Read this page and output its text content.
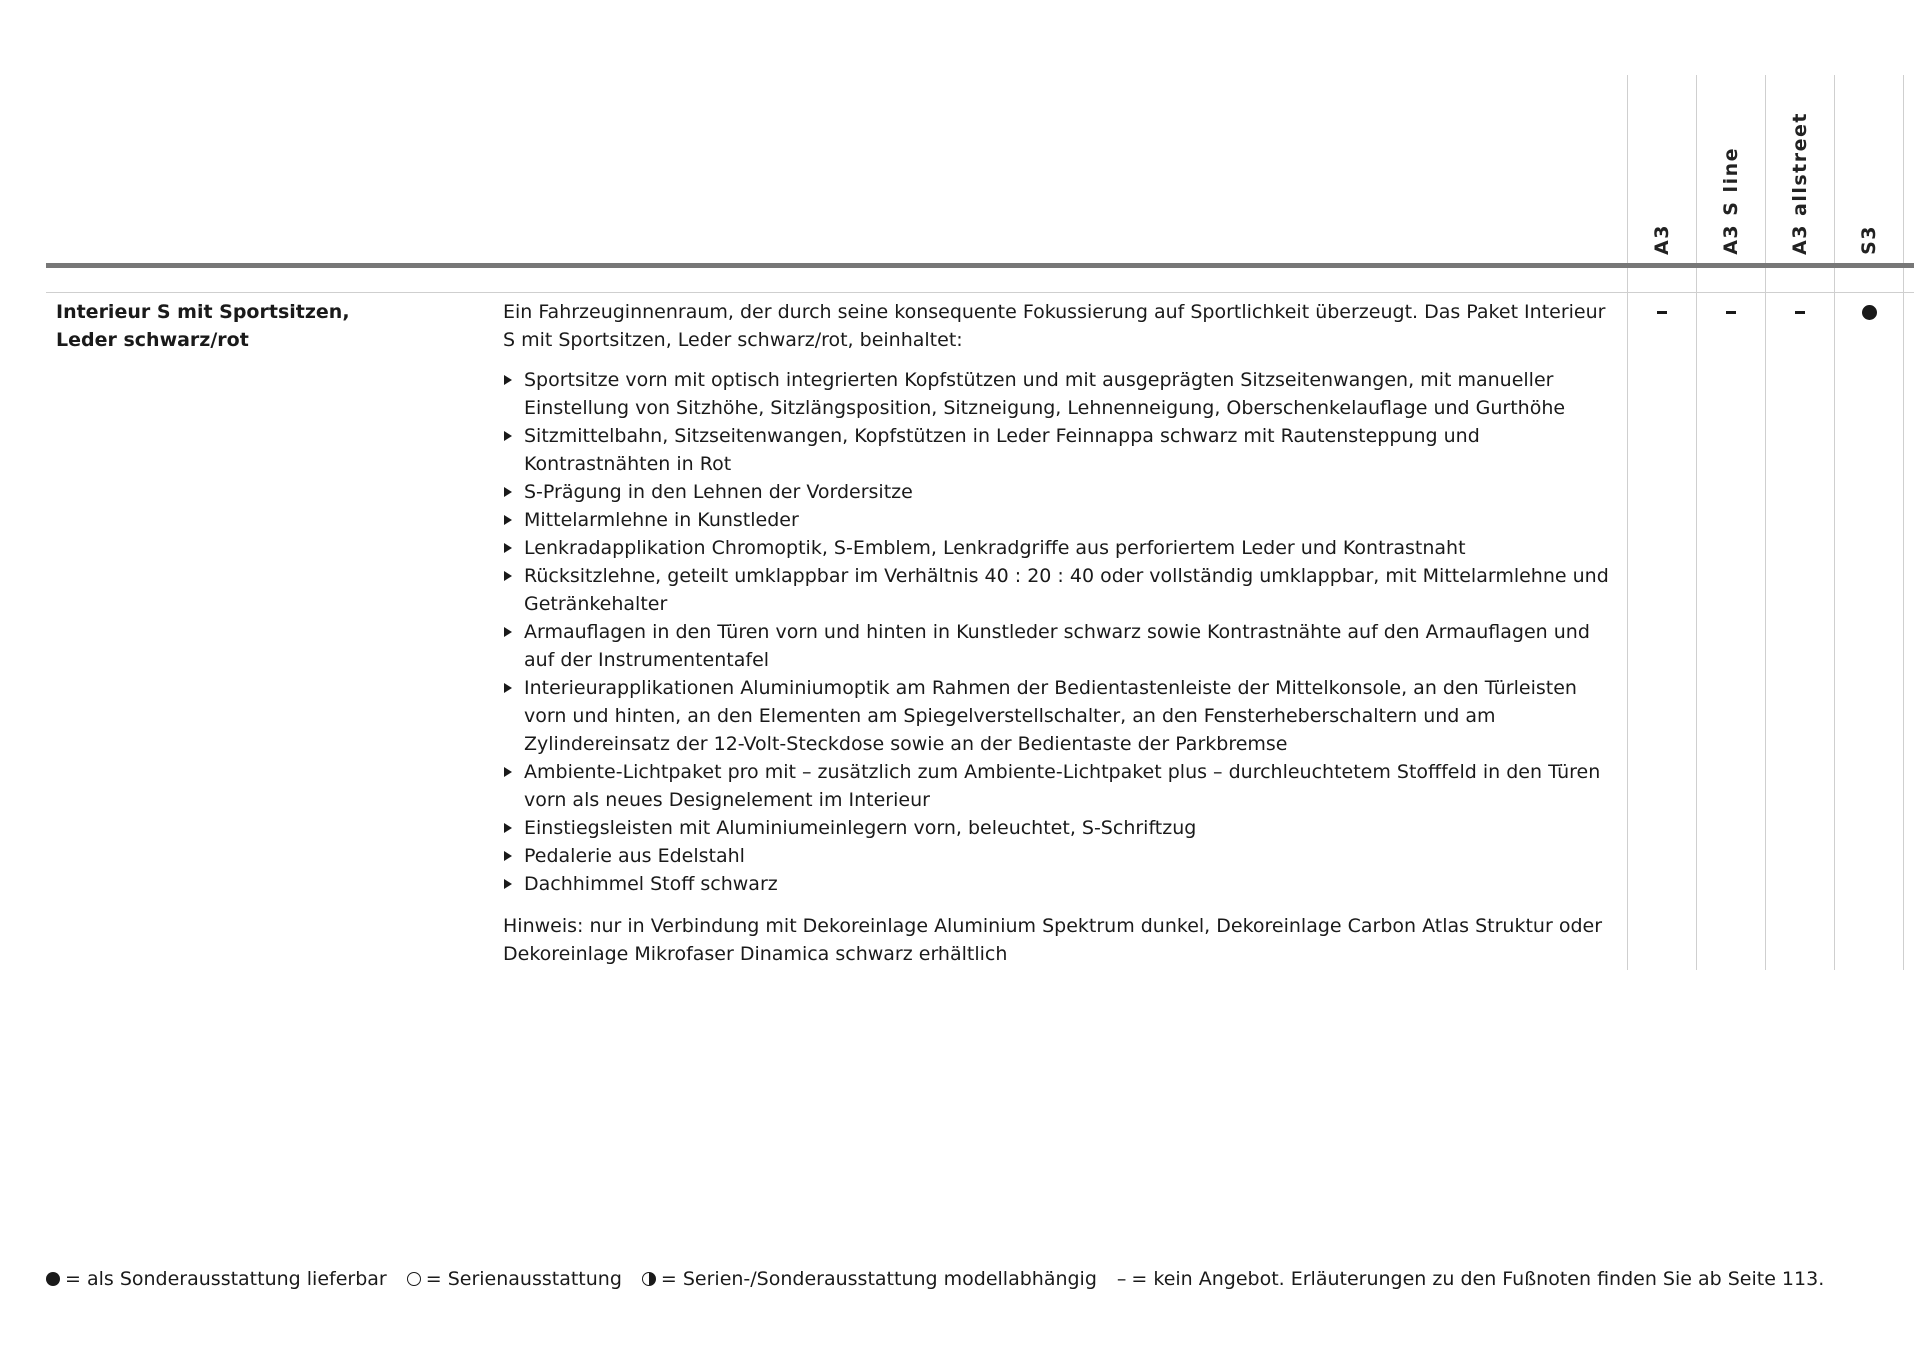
A3 A3 S line A3 allstreet S3
Interieur S mit Sportsitzen,
Leder schwarz/rot

Ein Fahrzeuginnenraum, der durch seine konsequente Fokussierung auf Sportlichkeit überzeugt. Das Paket Interieur S mit Sportsitzen, Leder schwarz/rot, beinhaltet:

Sportsitze vorn mit optisch integrierten Kopfstützen und mit ausgeprägten Sitzseitenwangen, mit manueller Einstellung von Sitzhöhe, Sitzlängsposition, Sitzneigung, Lehnenneigung, Oberschenkelauflage und Gurthöhe
Sitzmittelbahn, Sitzseitenwangen, Kopfstützen in Leder Feinnappa schwarz mit Rautensteppung und Kontrastnähten in Rot
S-Prägung in den Lehnen der Vordersitze
Mittelarmlehne in Kunstleder
Lenkradapplikation Chromoptik, S-Emblem, Lenkradgriffe aus perforiertem Leder und Kontrastnaht
Rücksitzlehne, geteilt umklappbar im Verhältnis 40 : 20 : 40 oder vollständig umklappbar, mit Mittelarmlehne und Getränkehalter
Armauflagen in den Türen vorn und hinten in Kunstleder schwarz sowie Kontrastnähte auf den Armauflagen und auf der Instrumententafel
Interieurapplikationen Aluminiumoptik am Rahmen der Bedientastenleiste der Mittelkonsole, an den Türleisten vorn und hinten, an den Elementen am Spiegelverstellschalter, an den Fensterheberschaltern und am Zylindereinsatz der 12-Volt-Steckdose sowie an der Bedientaste der Parkbremse
Ambiente-Lichtpaket pro mit – zusätzlich zum Ambiente-Lichtpaket plus – durchleuchtetem Stofffeld in den Türen vorn als neues Designelement im Interieur
Einstiegsleisten mit Aluminiumeinlegern vorn, beleuchtet, S-Schriftzug
Pedalerie aus Edelstahl
Dachhimmel Stoff schwarz

Hinweis: nur in Verbindung mit Dekoreinlage Aluminium Spektrum dunkel, Dekoreinlage Carbon Atlas Struktur oder Dekoreinlage Mikrofaser Dinamica schwarz erhältlich

= als Sonderausstattung lieferbar = Serienausstattung = Serien-/Sonderausstattung modellabhängig – = kein Angebot. Erläuterungen zu den Fußnoten finden Sie ab Seite 113.
